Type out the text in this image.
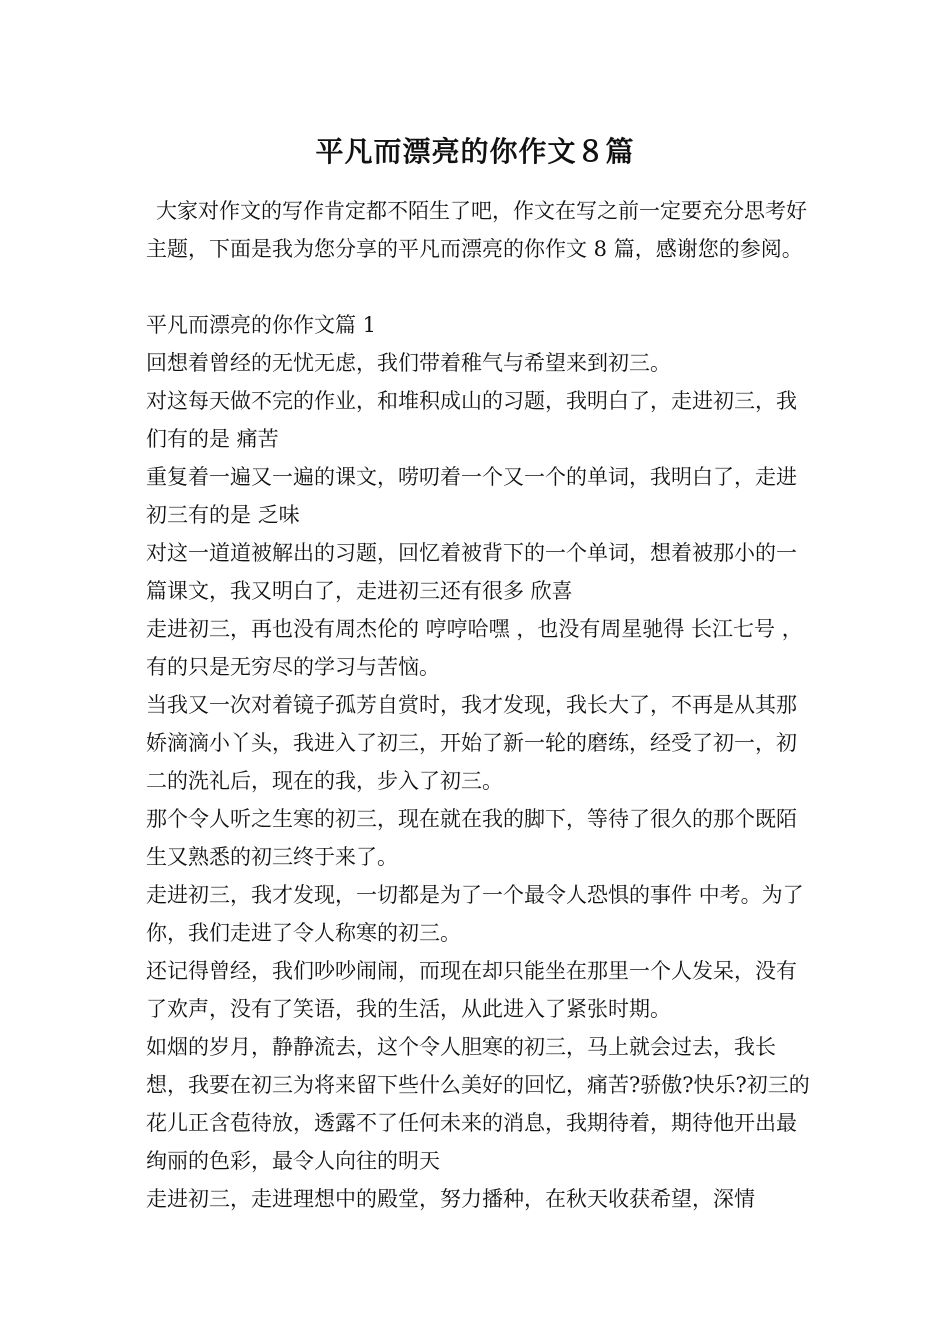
平凡而漂亮的你作文８篇

大家对作文的写作肯定都不陌生了吧，作文在写之前一定要充分思考好主题，下面是我为您分享的平凡而漂亮的你作文 8 篇，感谢您的参阅。

平凡而漂亮的你作文篇 1

回想着曾经的无忧无虑，我们带着稚气与希望来到初三。

对这每天做不完的作业，和堆积成山的习题，我明白了，走进初三，我们有的是 痛苦

重复着一遍又一遍的课文，唠叨着一个又一个的单词，我明白了，走进初三有的是 乏味

对这一道道被解出的习题，回忆着被背下的一个单词，想着被那小的一篇课文，我又明白了，走进初三还有很多 欣喜

走进初三，再也没有周杰伦的 哼哼哈嘿 ，也没有周星驰得 长江七号 ，有的只是无穷尽的学习与苦恼。

当我又一次对着镜子孤芳自赏时，我才发现，我长大了，不再是从其那娇滴滴小丫头，我进入了初三，开始了新一轮的磨练，经受了初一，初二的洗礼后，现在的我，步入了初三。

那个令人听之生寒的初三，现在就在我的脚下，等待了很久的那个既陌生又熟悉的初三终于来了。

走进初三，我才发现，一切都是为了一个最令人恐惧的事件 中考。为了你，我们走进了令人称寒的初三。

还记得曾经，我们吵吵闹闹，而现在却只能坐在那里一个人发呆，没有了欢声，没有了笑语，我的生活，从此进入了紧张时期。

如烟的岁月，静静流去，这个令人胆寒的初三，马上就会过去，我长想，我要在初三为将来留下些什么美好的回忆，痛苦?骄傲?快乐?初三的花儿正含苞待放，透露不了任何未来的消息，我期待着，期待他开出最绚丽的色彩，最令人向往的明天

走进初三，走进理想中的殿堂，努力播种，在秋天收获希望，深情
